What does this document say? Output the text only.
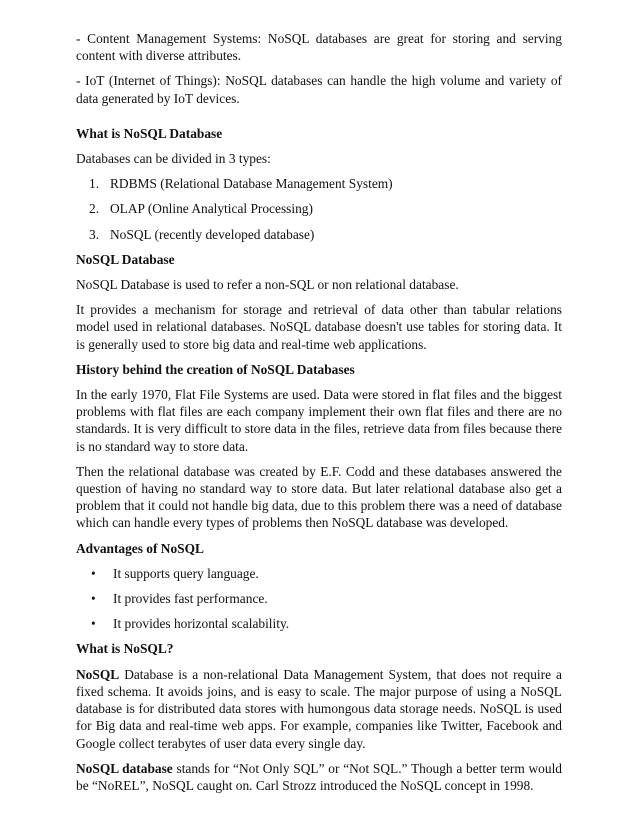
- Content Management Systems: NoSQL databases are great for storing and serving content with diverse attributes.

- IoT (Internet of Things): NoSQL databases can handle the high volume and variety of data generated by IoT devices.

What is NoSQL Database

Databases can be divided in 3 types:

1. RDBMS (Relational Database Management System)
2. OLAP (Online Analytical Processing)
3. NoSQL (recently developed database)

NoSQL Database

NoSQL Database is used to refer a non-SQL or non relational database.

It provides a mechanism for storage and retrieval of data other than tabular relations model used in relational databases. NoSQL database doesn't use tables for storing data. It is generally used to store big data and real-time web applications.

History behind the creation of NoSQL Databases

In the early 1970, Flat File Systems are used. Data were stored in flat files and the biggest problems with flat files are each company implement their own flat files and there are no standards. It is very difficult to store data in the files, retrieve data from files because there is no standard way to store data.

Then the relational database was created by E.F. Codd and these databases answered the question of having no standard way to store data. But later relational database also get a problem that it could not handle big data, due to this problem there was a need of database which can handle every types of problems then NoSQL database was developed.

Advantages of NoSQL

• It supports query language.
• It provides fast performance.
• It provides horizontal scalability.

What is NoSQL?

NoSQL Database is a non-relational Data Management System, that does not require a fixed schema. It avoids joins, and is easy to scale. The major purpose of using a NoSQL database is for distributed data stores with humongous data storage needs. NoSQL is used for Big data and real-time web apps. For example, companies like Twitter, Facebook and Google collect terabytes of user data every single day.

NoSQL database stands for “Not Only SQL” or “Not SQL.” Though a better term would be “NoREL”, NoSQL caught on. Carl Strozz introduced the NoSQL concept in 1998.
